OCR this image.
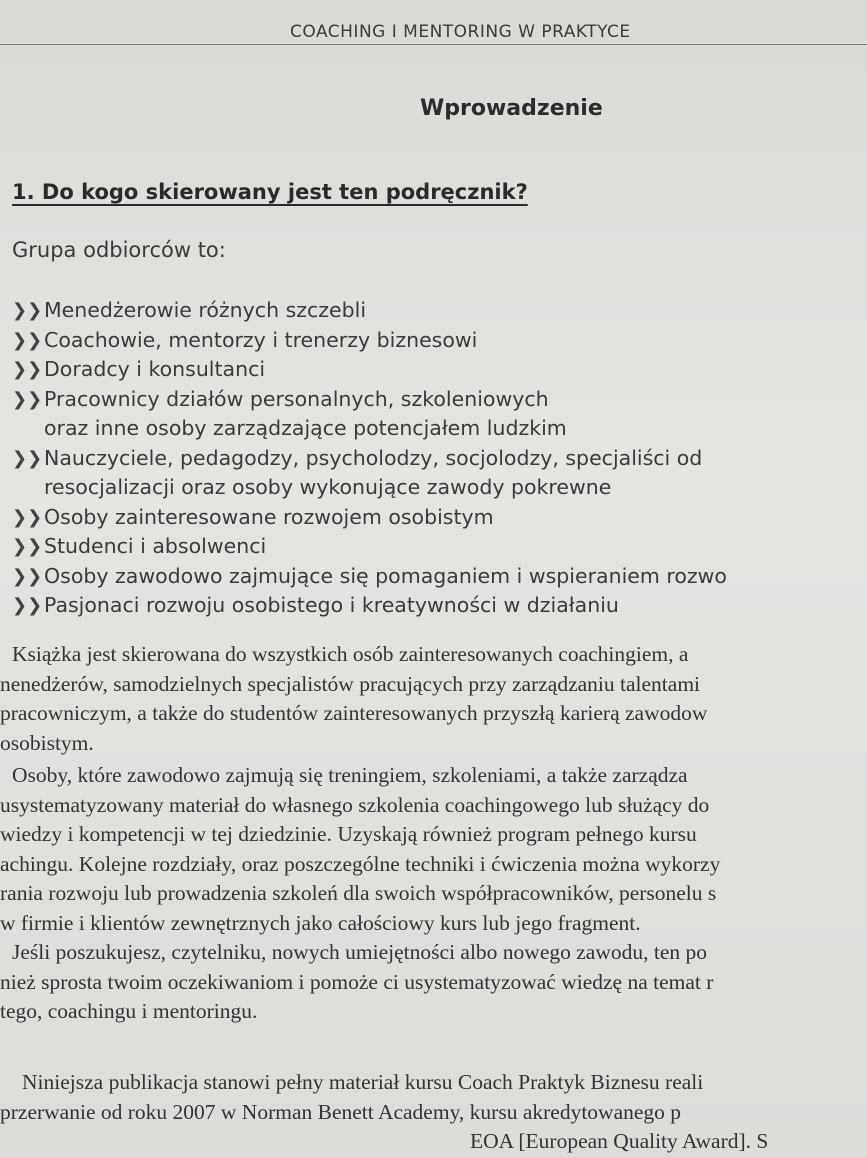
COACHING I MENTORING W PRAKTYCE
Wprowadzenie
1. Do kogo skierowany jest ten podręcznik?
Grupa odbiorców to:
❯❯ Menedżerowie różnych szczebli
❯❯ Coachowie, mentorzy i trenerzy biznesowi
❯❯ Doradcy i konsultanci
❯❯ Pracownicy działów personalnych, szkoleniowych
oraz inne osoby zarządzające potencjałem ludzkim
❯❯ Nauczyciele, pedagodzy, psycholodzy, socjolodzy, specjaliści od
resocjalizacji oraz osoby wykonujące zawody pokrewne
❯❯ Osoby zainteresowane rozwojem osobistym
❯❯ Studenci i absolwenci
❯❯ Osoby zawodowo zajmujące się pomaganiem i wspieraniem rozwo
❯❯ Pasjonaci rozwoju osobistego i kreatywności w działaniu
Książka jest skierowana do wszystkich osób zainteresowanych coachingiem, a
nenedżerów, samodzielnych specjalistów pracujących przy zarządzaniu talentami
pracowniczym, a także do studentów zainteresowanych przyszłą karierą zawodow
osobistym.
Osoby, które zawodowo zajmują się treningiem, szkoleniami, a także zarządza
usystematyzowany materiał do własnego szkolenia coachingowego lub służący do
wiedzy i kompetencji w tej dziedzinie. Uzyskają również program pełnego kursu
achingu. Kolejne rozdziały, oraz poszczególne techniki i ćwiczenia można wykorzy
rania rozwoju lub prowadzenia szkoleń dla swoich współpracowników, personelu s
w firmie i klientów zewnętrznych jako całościowy kurs lub jego fragment.
Jeśli poszukujesz, czytelniku, nowych umiejętności albo nowego zawodu, ten po
nież sprosta twoim oczekiwaniom i pomoże ci usystematyzować wiedzę na temat r
tego, coachingu i mentoringu.
Niniejsza publikacja stanowi pełny materiał kursu Coach Praktyk Biznesu reali
przerwanie od roku 2007 w Norman Benett Academy, kursu akredytowanego p
EOA [European Quality Award]. S
